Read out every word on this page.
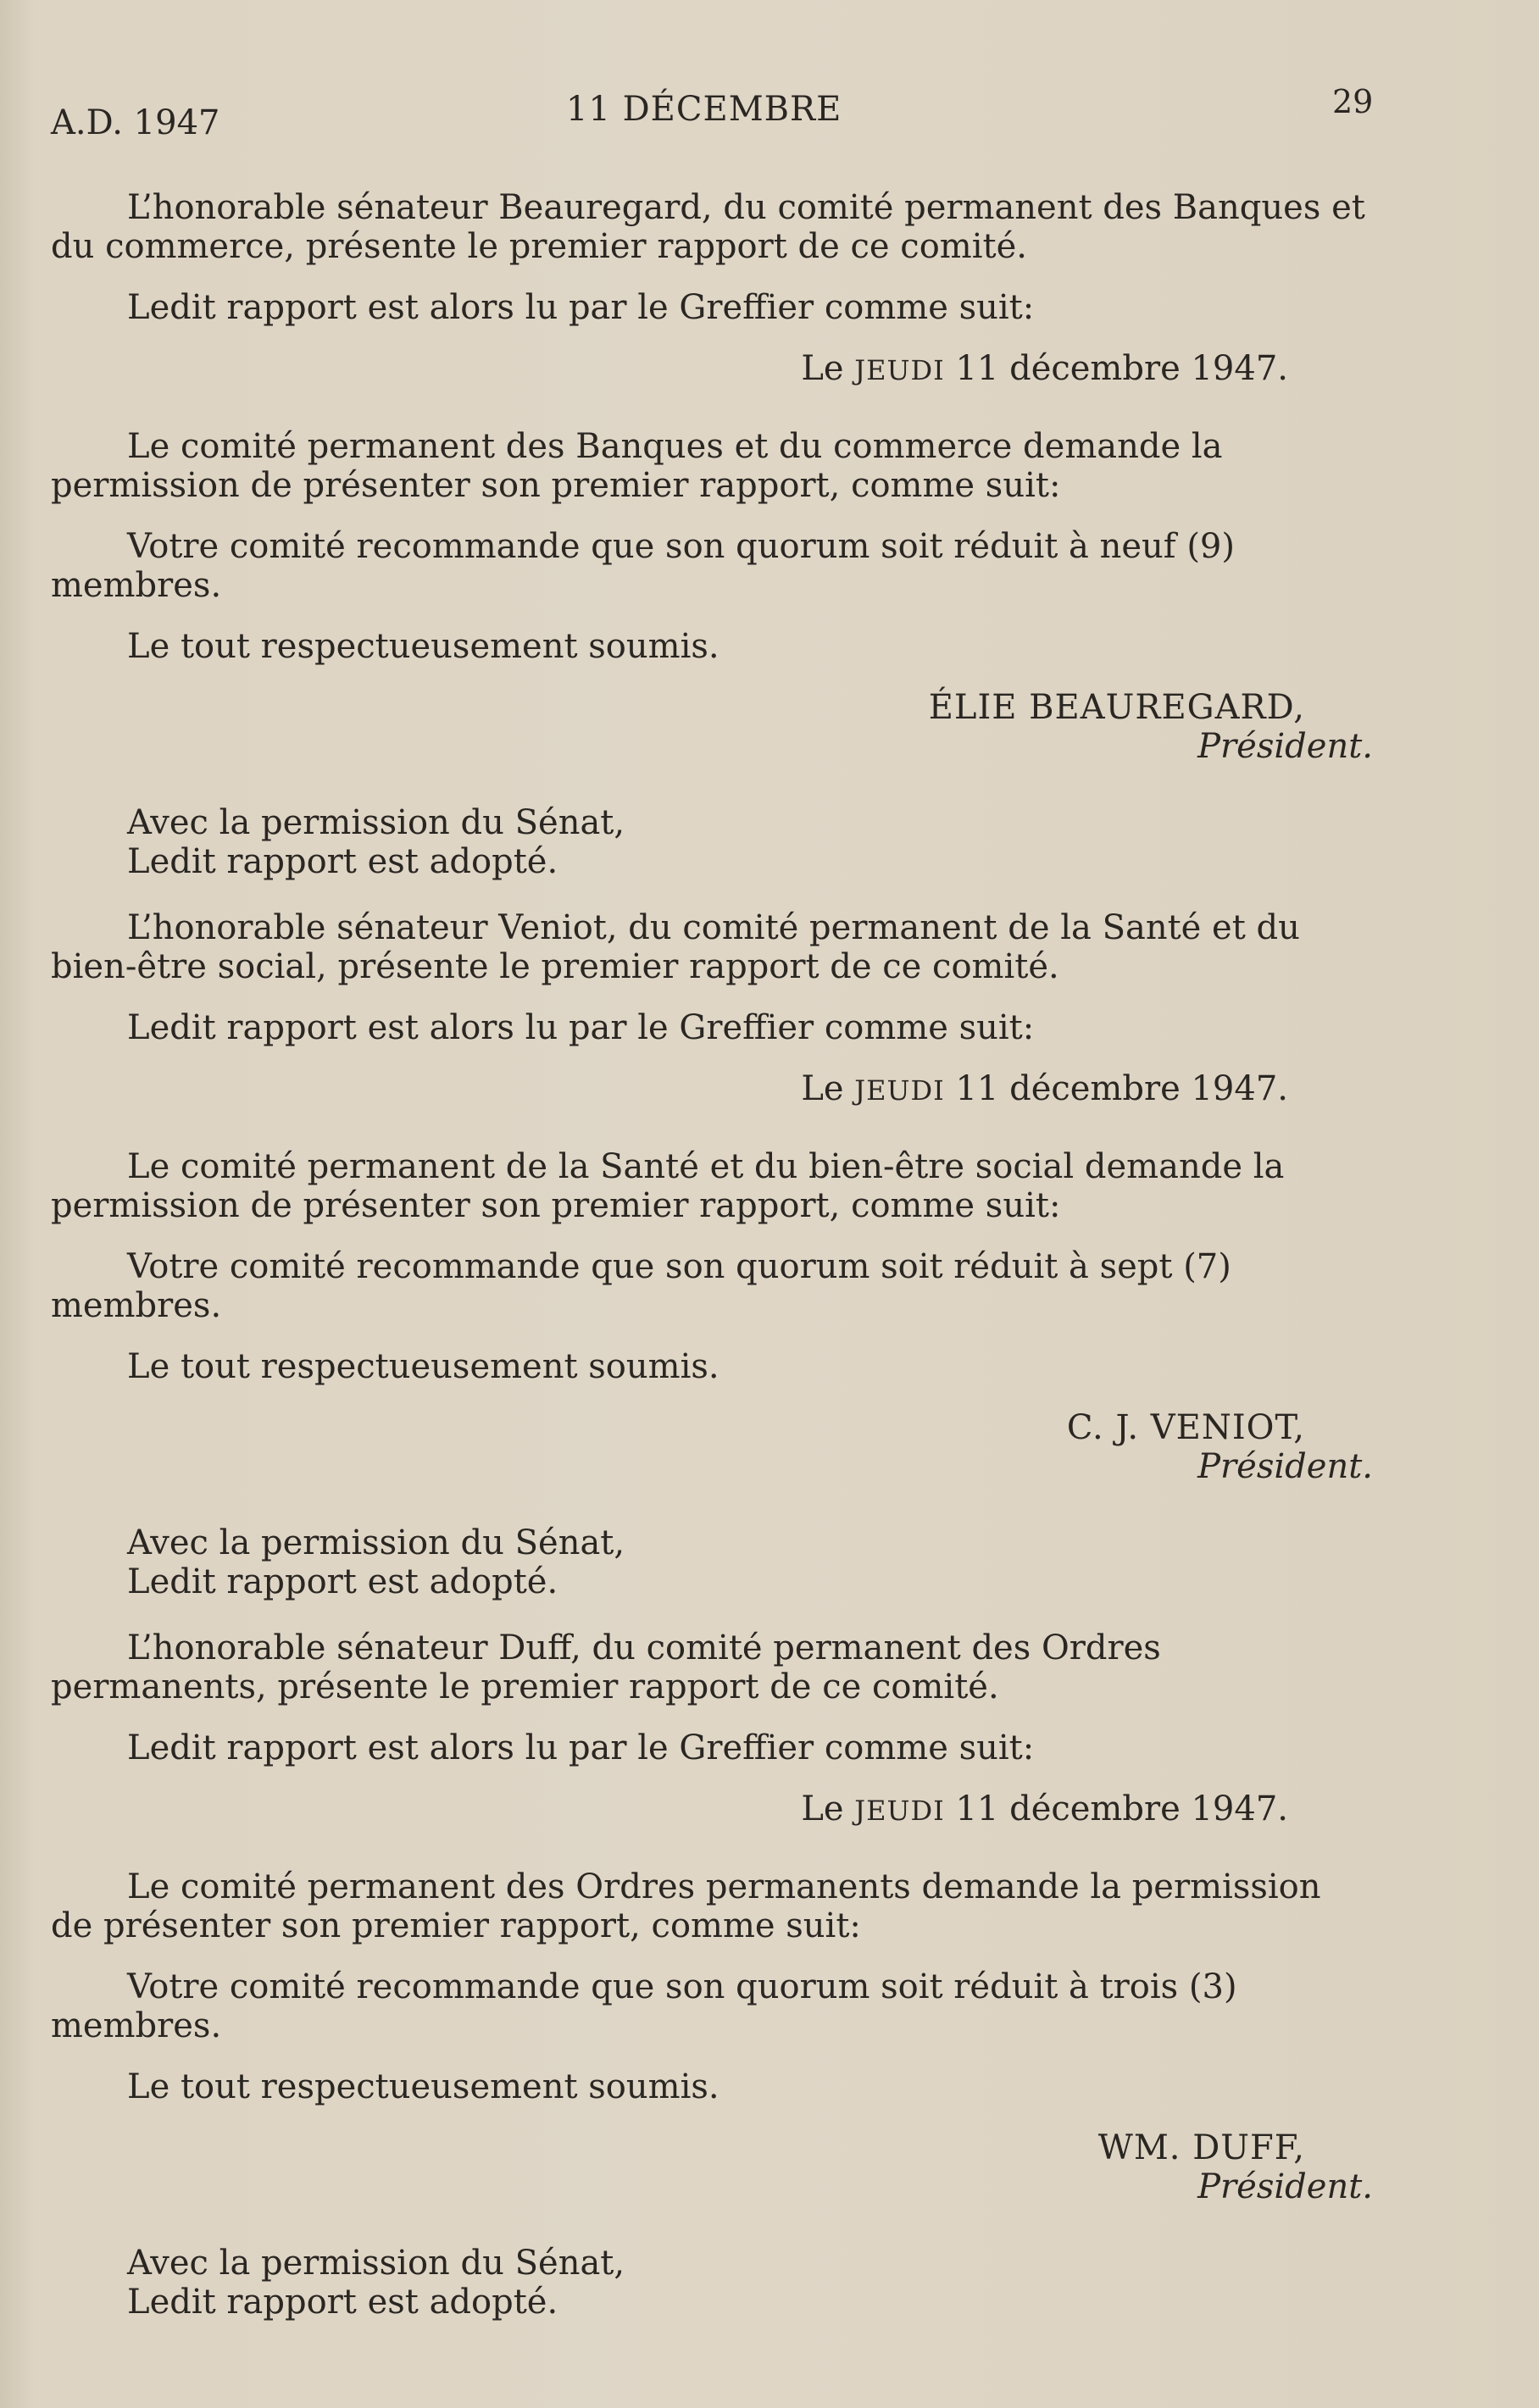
A.D. 1947	11 DÉCEMBRE	29

L’honorable sénateur Beauregard, du comité permanent des Banques et du commerce, présente le premier rapport de ce comité.

Ledit rapport est alors lu par le Greffier comme suit:

Le JEUDI 11 décembre 1947.

Le comité permanent des Banques et du commerce demande la permission de présenter son premier rapport, comme suit:

Votre comité recommande que son quorum soit réduit à neuf (9) membres.

Le tout respectueusement soumis.

ÉLIE BEAUREGARD,

Président.

Avec la permission du Sénat,

Ledit rapport est adopté.

L’honorable sénateur Veniot, du comité permanent de la Santé et du bien-être social, présente le premier rapport de ce comité.

Ledit rapport est alors lu par le Greffier comme suit:

Le JEUDI 11 décembre 1947.

Le comité permanent de la Santé et du bien-être social demande la permission de présenter son premier rapport, comme suit:

Votre comité recommande que son quorum soit réduit à sept (7) membres.

Le tout respectueusement soumis.

C. J. VENIOT,

Président.

Avec la permission du Sénat,

Ledit rapport est adopté.

L’honorable sénateur Duff, du comité permanent des Ordres permanents, présente le premier rapport de ce comité.

Ledit rapport est alors lu par le Greffier comme suit:

Le JEUDI 11 décembre 1947.

Le comité permanent des Ordres permanents demande la permission de présenter son premier rapport, comme suit:

Votre comité recommande que son quorum soit réduit à trois (3) membres.

Le tout respectueusement soumis.

WM. DUFF,

Président.

Avec la permission du Sénat,

Ledit rapport est adopté.
